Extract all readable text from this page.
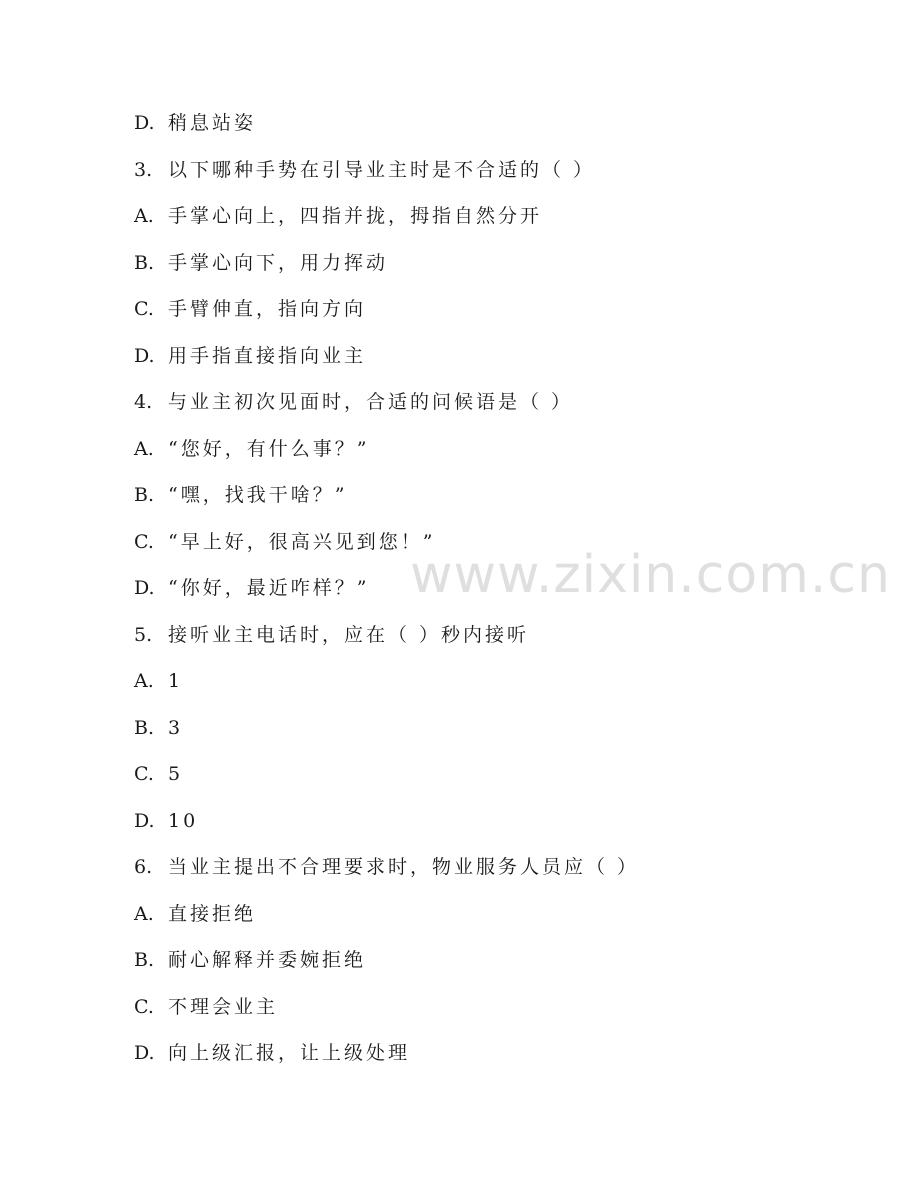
D. 稍息站姿
3. 以下哪种手势在引导业主时是不合适的（ ）
A. 手掌心向上，四指并拢，拇指自然分开
B. 手掌心向下，用力挥动
C. 手臂伸直，指向方向
D. 用手指直接指向业主
4. 与业主初次见面时，合适的问候语是（ ）
A. “您好，有什么事？”
B. “嘿，找我干啥？”
C. “早上好，很高兴见到您！”
D. “你好，最近咋样？”
5. 接听业主电话时，应在（ ）秒内接听
A. 1
B. 3
C. 5
D. 10
6. 当业主提出不合理要求时，物业服务人员应（ ）
A. 直接拒绝
B. 耐心解释并委婉拒绝
C. 不理会业主
D. 向上级汇报，让上级处理
www.zixin.com.cn
